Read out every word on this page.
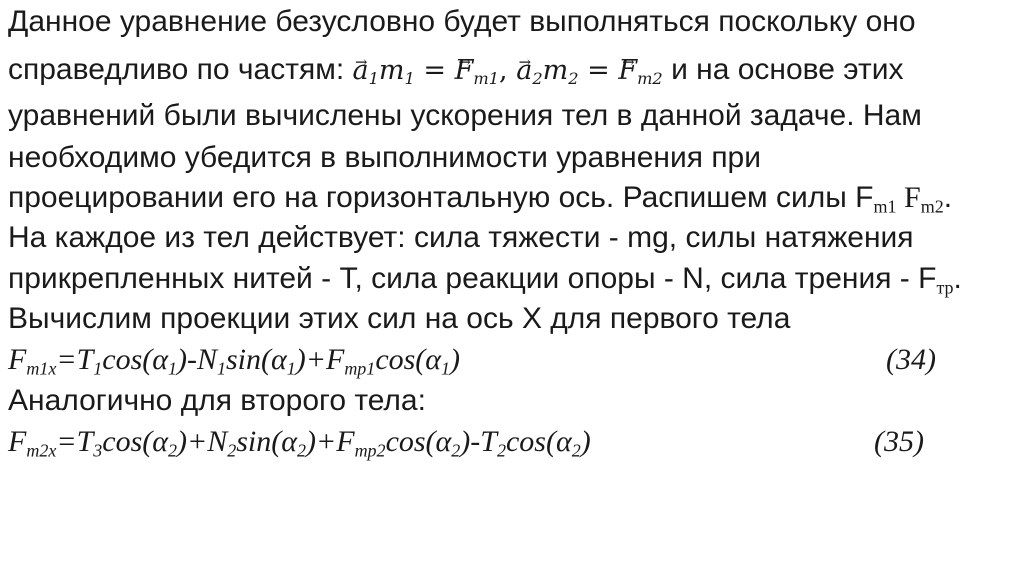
Данное уравнение безусловно будет выполняться поскольку оно
справедливо по частям: → $a_1m_1$ = → $F_{m1}$, → $a_2m_2$ = → $F_{m2}$ и на основе этих
уравнений были вычислены ускорения тел в данной задаче. Нам
необходимо убедится в выполнимости уравнения при
проецировании его на горизонтальную ось. Распишем силы $F_{m1}$ $F_{m2}$.
На каждое из тел действует: сила тяжести - mg, силы натяжения
прикрепленных нитей - T, сила реакции опоры - N, сила трения - $F_{тр}$.
Вычислим проекции этих сил на ось X для первого тела
$F_{m1x}=T_1\cos(\alpha_1)-N_1\sin(\alpha_1)+F_{тр1}\cos(\alpha_1)$	(34)
Аналогично для второго тела:
$F_{m2x}=T_3\cos(\alpha_2)+N_2\sin(\alpha_2)+F_{тр2}\cos(\alpha_2)-T_2\cos(\alpha_2)$	(35)
